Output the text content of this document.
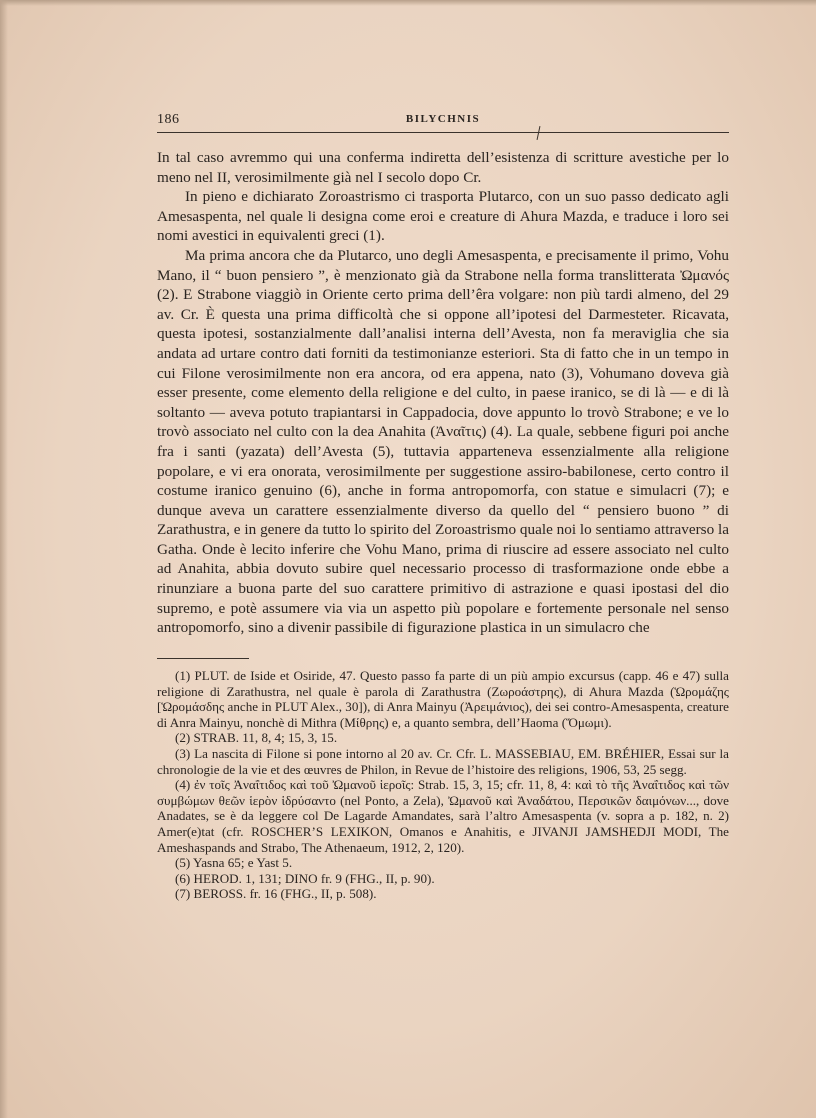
186	BILYCHNIS

In tal caso avremmo qui una conferma indiretta dell’esistenza di scritture avestiche per lo meno nel II, verosimilmente già nel I secolo dopo Cr.

In pieno e dichiarato Zoroastrismo ci trasporta Plutarco, con un suo passo dedicato agli Amesaspenta, nel quale li designa come eroi e creature di Ahura Mazda, e traduce i loro sei nomi avestici in equivalenti greci (1).

Ma prima ancora che da Plutarco, uno degli Amesaspenta, e precisamente il primo, Vohu Mano, il “ buon pensiero ”, è menzionato già da Strabone nella forma translitterata Ὠμανός (2). E Strabone viaggiò in Oriente certo prima dell’êra volgare: non più tardi almeno, del 29 av. Cr. È questa una prima difficoltà che si oppone all’ipotesi del Darmesteter. Ricavata, questa ipotesi, sostanzialmente dall’analisi interna dell’Avesta, non fa meraviglia che sia andata ad urtare contro dati forniti da testimonianze esteriori. Sta di fatto che in un tempo in cui Filone verosimilmente non era ancora, od era appena, nato (3), Vohumano doveva già esser presente, come elemento della religione e del culto, in paese iranico, se di là — e di là soltanto — aveva potuto trapiantarsi in Cappadocia, dove appunto lo trovò Strabone; e ve lo trovò associato nel culto con la dea Anahita (Ἀναῖτις) (4). La quale, sebbene figuri poi anche fra i santi (yazata) dell’Avesta (5), tuttavia apparteneva essenzialmente alla religione popolare, e vi era onorata, verosimilmente per suggestione assiro-babilonese, certo contro il costume iranico genuino (6), anche in forma antropomorfa, con statue e simulacri (7); e dunque aveva un carattere essenzialmente diverso da quello del “ pensiero buono ” di Zarathustra, e in genere da tutto lo spirito del Zoroastrismo quale noi lo sentiamo attraverso la Gatha. Onde è lecito inferire che Vohu Mano, prima di riuscire ad essere associato nel culto ad Anahita, abbia dovuto subire quel necessario processo di trasformazione onde ebbe a rinunziare a buona parte del suo carattere primitivo di astrazione e quasi ipostasi del dio supremo, e potè assumere via via un aspetto più popolare e fortemente personale nel senso antropomorfo, sino a divenir passibile di figurazione plastica in un simulacro che

(1) PLUT. de Iside et Osiride, 47. Questo passo fa parte di un più ampio excursus (capp. 46 e 47) sulla religione di Zarathustra, nel quale è parola di Zarathustra (Ζωροάστρης), di Ahura Mazda (Ὡρομάζης [Ὡρομάσδης anche in PLUT Alex., 30]), di Anra Mainyu (Ἀρειμάνιος), dei sei contro-Amesaspenta, creature di Anra Mainyu, nonchè di Mithra (Μίθρης) e, a quanto sembra, dell’Haoma (Ὅμωμι).

(2) STRAB. 11, 8, 4; 15, 3, 15.

(3) La nascita di Filone si pone intorno al 20 av. Cr. Cfr. L. MASSEBIAU, EM. BRÉHIER, Essai sur la chronologie de la vie et des œuvres de Philon, in Revue de l’histoire des religions, 1906, 53, 25 segg.

(4) ἐν τοῖς Ἀναΐτιδος καὶ τοῦ Ὠμανοῦ ἱεροῖς: Strab. 15, 3, 15; cfr. 11, 8, 4: καὶ τὸ τῆς Ἀναΐτιδος καὶ τῶν συμβώμων θεῶν ἱερὸν ἱδρύσαντο (nel Ponto, a Zela), Ὠμανοῦ καὶ Ἀναδάτου, Περσικῶν δαιμόνων..., dove Anadates, se è da leggere col De Lagarde Amandates, sarà l’altro Amesaspenta (v. sopra a p. 182, n. 2) Amer(e)tat (cfr. ROSCHER’S LEXIKON, Omanos e Anahitis, e JIVANJI JAMSHEDJI MODI, The Ameshaspands and Strabo, The Athenaeum, 1912, 2, 120).

(5) Yasna 65; e Yast 5.

(6) HEROD. 1, 131; DINO fr. 9 (FHG., II, p. 90).

(7) BEROSS. fr. 16 (FHG., II, p. 508).
